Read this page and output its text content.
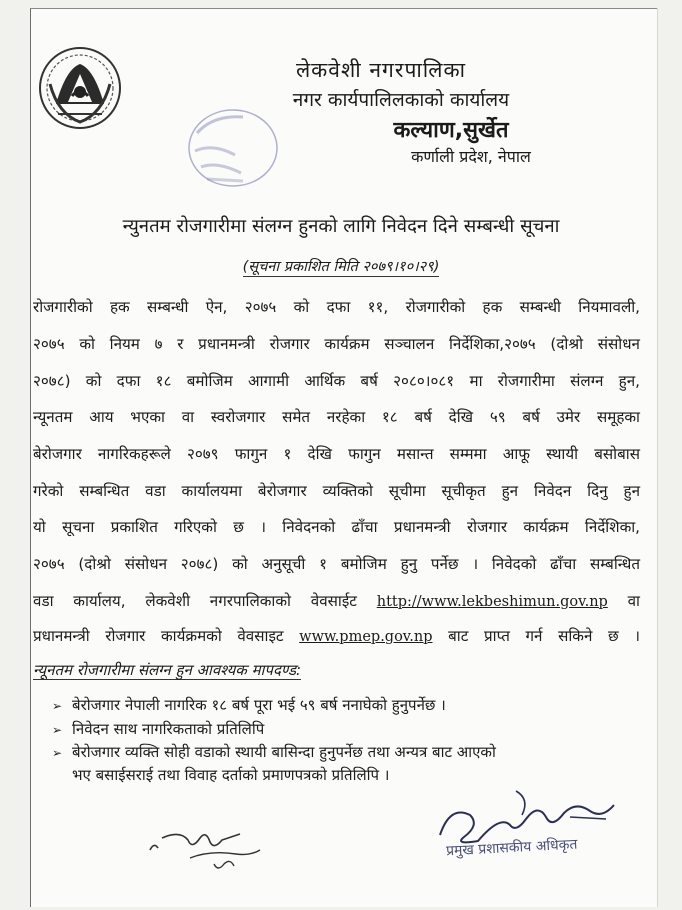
लेकवेशी नगरपालिका
नगर कार्यपालिलकाको कार्यालय
कल्याण,सुर्खेत
कर्णाली प्रदेश, नेपाल
न्युनतम रोजगारीमा संलग्न हुनको लागि निवेदन दिने सम्बन्धी सूचना
(सूचना प्रकाशित मिति २०७९।१०।२९)
रोजगारीको हक सम्बन्धी ऐन, २०७५ को दफा ११, रोजगारीको हक सम्बन्धी नियमावली,
२०७५ को नियम ७ र प्रधानमन्त्री रोजगार कार्यक्रम सञ्चालन निर्देशिका,२०७५ (दोश्रो संसोधन
२०७८) को दफा १८ बमोजिम आगामी आर्थिक बर्ष २०८०।०८१ मा रोजगारीमा संलग्न हुन,
न्यूनतम आय भएका वा स्वरोजगार समेत नरहेका १८ बर्ष देखि ५९ बर्ष उमेर समूहका
बेरोजगार नागरिकहरूले २०७९ फागुन १ देखि फागुन मसान्त सम्ममा आफू स्थायी बसोबास
गरेको सम्बन्धित वडा कार्यालयमा बेरोजगार व्यक्तिको सूचीमा सूचीकृत हुन निवेदन दिनु हुन
यो सूचना प्रकाशित गरिएको छ । निवेदनको ढाँचा प्रधानमन्त्री रोजगार कार्यक्रम निर्देशिका,
२०७५ (दोश्रो संसोधन २०७८) को अनुसूची १ बमोजिम हुनु पर्नेछ । निवेदको ढाँचा सम्बन्धित
वडा कार्यालय, लेकवेशी नगरपालिकाको वेवसाईट http://www.lekbeshimun.gov.np वा
प्रधानमन्त्री रोजगार कार्यक्रमको वेवसाइट www.pmep.gov.np बाट प्राप्त गर्न सकिने छ ।
न्यूनतम रोजगारीमा संलग्न हुन आवश्यक मापदण्ड:
➢ बेरोजगार नेपाली नागरिक १८ बर्ष पूरा भई ५९ बर्ष ननाघेको हुनुपर्नेछ ।
➢ निवेदन साथ नागरिकताको प्रतिलिपि
➢ बेरोजगार व्यक्ति सोही वडाको स्थायी बासिन्दा हुनुपर्नेछ तथा अन्यत्र बाट आएको
भए बसाईसराई तथा विवाह दर्ताको प्रमाणपत्रको प्रतिलिपि ।
प्रमुख प्रशासकीय अधिकृत
